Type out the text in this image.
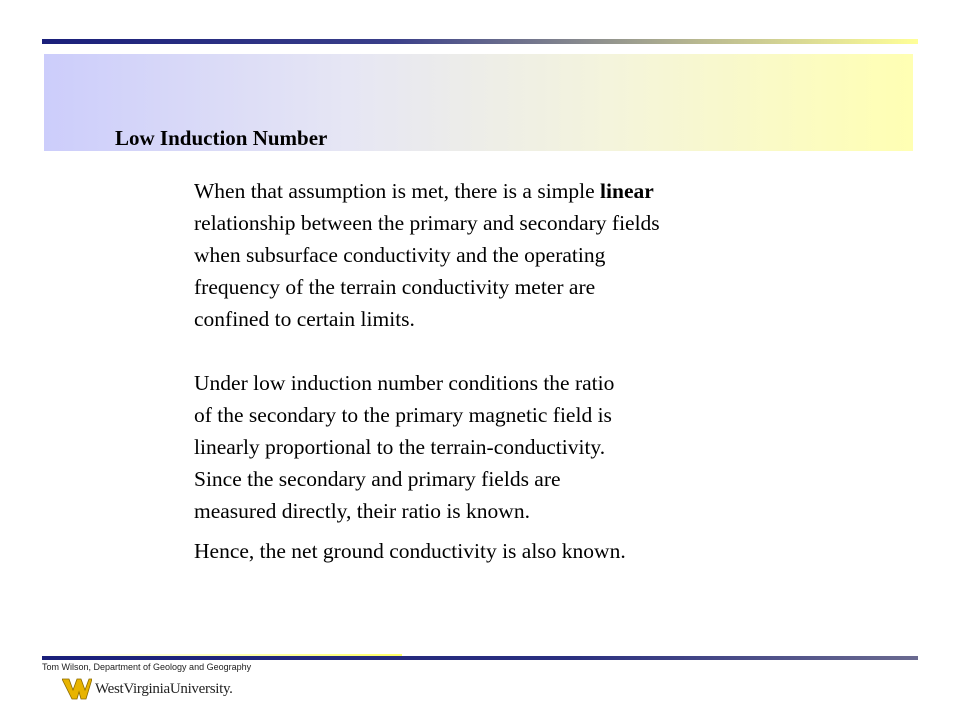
Low Induction Number

When that assumption is met, there is a simple linear
relationship between the primary and secondary fields
when subsurface conductivity and the operating
frequency of the terrain conductivity meter are
confined to certain limits.

Under low induction number conditions the ratio
of the secondary to the primary magnetic field is
linearly proportional to the terrain-conductivity.
Since the secondary and primary fields are
measured directly, their ratio is known.

Hence, the net ground conductivity is also known.

Tom Wilson, Department of Geology and Geography
WestVirginiaUniversity.
